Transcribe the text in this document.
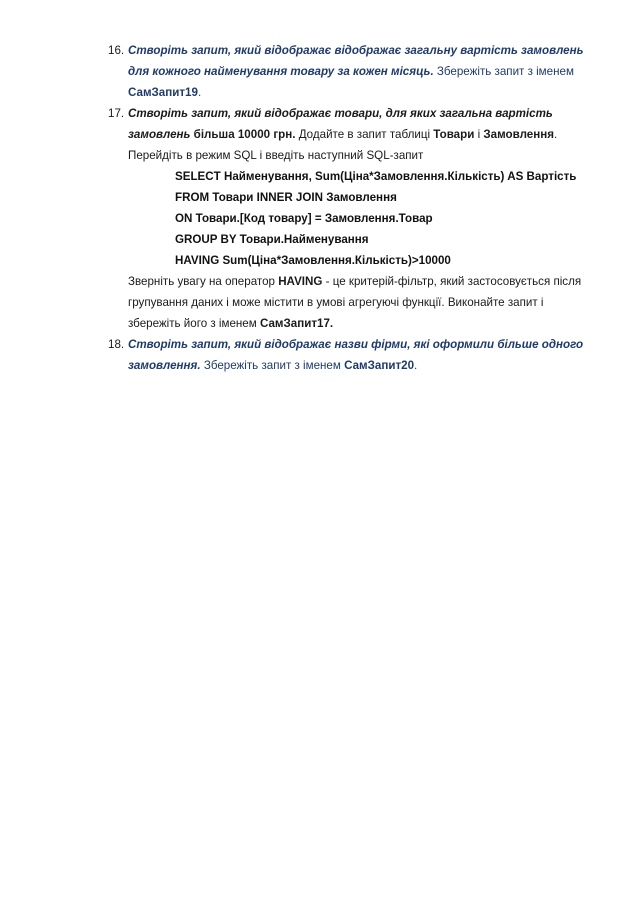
16. Створіть запит, який відображає відображає загальну вартість замовлень для кожного найменування товару за кожен місяць. Збережіть запит з іменем СамЗапит19.

17. Створіть запит, який відображає товари, для яких загальна вартість замовлень більша 10000 грн. Додайте в запит таблиці Товари і Замовлення. Перейдіть в режим SQL і введіть наступний SQL-запит

SELECT Найменування, Sum(Ціна*Замовлення.Кількість) AS Вартість
FROM Товари INNER JOIN Замовлення
ON Товари.[Код товару] = Замовлення.Товар
GROUP BY Товари.Найменування
HAVING Sum(Ціна*Замовлення.Кількість)>10000

Зверніть увагу на оператор HAVING - це критерій-фільтр, який застосовується після групування даних і може містити в умові агрегуючі функції. Виконайте запит і збережіть його з іменем СамЗапит17.

18. Створіть запит, який відображає назви фірми, які оформили більше одного замовлення. Збережіть запит з іменем СамЗапит20.
